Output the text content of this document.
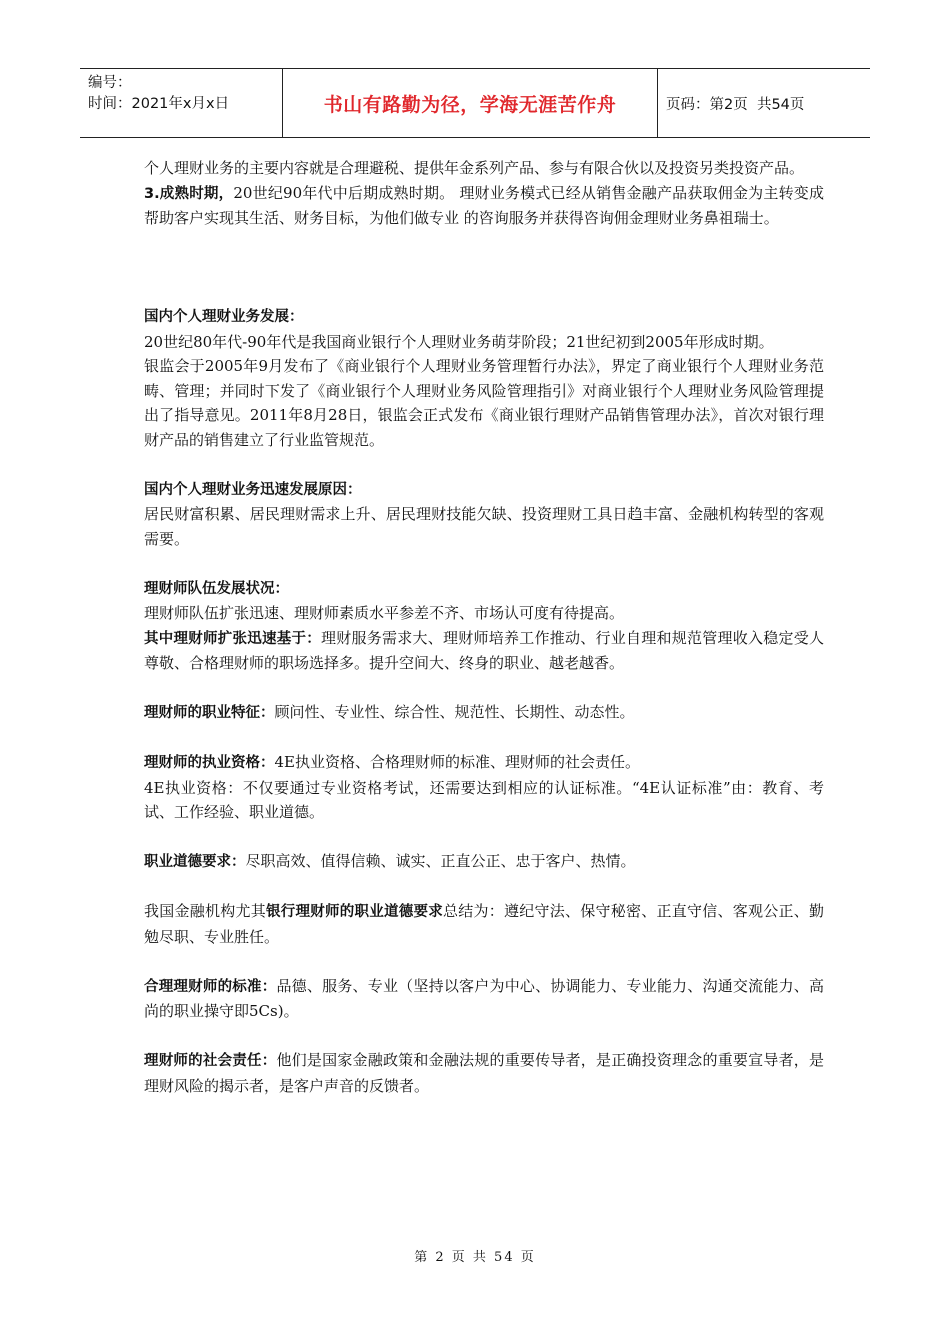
编号：
时间：2021年x月x日	书山有路勤为径，学海无涯苦作舟	页码：第2页  共54页

个人理财业务的主要内容就是合理避税、提供年金系列产品、参与有限合伙以及投资另类投资产品。

3.成熟时期，20世纪90年代中后期成熟时期。 理财业务模式已经从销售金融产品获取佣金为主转变成帮助客户实现其生活、财务目标，为他们做专业 的咨询服务并获得咨询佣金理财业务鼻祖瑞士。

国内个人理财业务发展：

20世纪80年代-90年代是我国商业银行个人理财业务萌芽阶段；21世纪初到2005年形成时期。

银监会于2005年9月发布了《商业银行个人理财业务管理暂行办法》，界定了商业银行个人理财业务范畴、管理；并同时下发了《商业银行个人理财业务风险管理指引》对商业银行个人理财业务风险管理提出了指导意见。2011年8月28日，银监会正式发布《商业银行理财产品销售管理办法》，首次对银行理财产品的销售建立了行业监管规范。

国内个人理财业务迅速发展原因：

居民财富积累、居民理财需求上升、居民理财技能欠缺、投资理财工具日趋丰富、金融机构转型的客观需要。

理财师队伍发展状况：

理财师队伍扩张迅速、理财师素质水平参差不齐、市场认可度有待提高。

其中理财师扩张迅速基于：理财服务需求大、理财师培养工作推动、行业自理和规范管理收入稳定受人尊敬、合格理财师的职场选择多。提升空间大、终身的职业、越老越香。

理财师的职业特征：顾问性、专业性、综合性、规范性、长期性、动态性。

理财师的执业资格：4E执业资格、合格理财师的标准、理财师的社会责任。

4E执业资格：不仅要通过专业资格考试，还需要达到相应的认证标准。“4E认证标准”由：教育、考试、工作经验、职业道德。

职业道德要求：尽职高效、值得信赖、诚实、正直公正、忠于客户、热情。

我国金融机构尤其银行理财师的职业道德要求总结为：遵纪守法、保守秘密、正直守信、客观公正、勤勉尽职、专业胜任。

合理理财师的标准：品德、服务、专业（坚持以客户为中心、协调能力、专业能力、沟通交流能力、高尚的职业操守即5Cs)。

理财师的社会责任：他们是国家金融政策和金融法规的重要传导者，是正确投资理念的重要宣导者，是理财风险的揭示者，是客户声音的反馈者。

第 2 页 共 54 页
